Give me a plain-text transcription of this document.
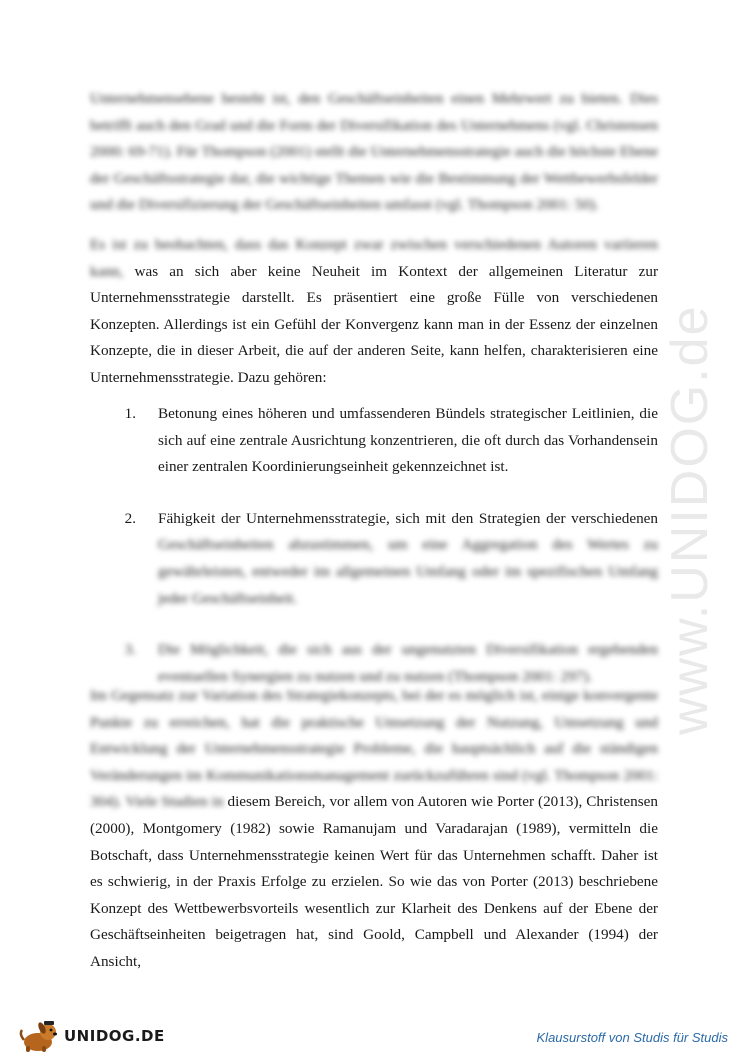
www.UNIDOG.de
Unternehmensebene besteht ist, den Geschäftseinheiten einen Mehrwert zu bieten. Dies betrifft auch den Grad und die Form der Diversifikation des Unternehmens (vgl. Christensen 2000: 69-71). Für Thompson (2001) stellt die Unternehmensstrategie auch die höchste Ebene der Geschäftsstrategie dar, die wichtige Themen wie die Bestimmung der Wettbewerbsfelder und die Diversifizierung der Geschäftseinheiten umfasst (vgl. Thompson 2001: 50).
Es ist zu beobachten, dass das Konzept zwar zwischen verschiedenen Autoren variieren kann, was an sich aber keine Neuheit im Kontext der allgemeinen Literatur zur Unternehmensstrategie darstellt. Es präsentiert eine große Fülle von verschiedenen Konzepten. Allerdings ist ein Gefühl der Konvergenz kann man in der Essenz der einzelnen Konzepte, die in dieser Arbeit, die auf der anderen Seite, kann helfen, charakterisieren eine Unternehmensstrategie. Dazu gehören:
1.	Betonung eines höheren und umfassenderen Bündels strategischer Leitlinien, die sich auf eine zentrale Ausrichtung konzentrieren, die oft durch das Vorhandensein einer zentralen Koordinierungseinheit gekennzeichnet ist.
2.	Fähigkeit der Unternehmensstrategie, sich mit den Strategien der verschiedenen Geschäftseinheiten abzustimmen, um eine Aggregation des Wertes zu gewährleisten, entweder im allgemeinen Umfang oder im spezifischen Umfang jeder Geschäftseinheit.
3.	Die Möglichkeit, die sich aus der ungenutzten Diversifikation ergebenden eventuellen Synergien zu nutzen und zu nutzen (Thompson 2001: 297).
Im Gegensatz zur Variation des Strategiekonzepts, bei der es möglich ist, einige konvergente Punkte zu erreichen, hat die praktische Umsetzung der Nutzung, Umsetzung und Entwicklung der Unternehmensstrategie Probleme, die hauptsächlich auf die ständigen Veränderungen im Kommunikationsmanagement zurückzuführen sind (vgl. Thompson 2001: 304). Viele Studien in diesem Bereich, vor allem von Autoren wie Porter (2013), Christensen (2000), Montgomery (1982) sowie Ramanujam und Varadarajan (1989), vermitteln die Botschaft, dass Unternehmensstrategie keinen Wert für das Unternehmen schafft. Daher ist es schwierig, in der Praxis Erfolge zu erzielen. So wie das von Porter (2013) beschriebene Konzept des Wettbewerbsvorteils wesentlich zur Klarheit des Denkens auf der Ebene der Geschäftseinheiten beigetragen hat, sind Goold, Campbell und Alexander (1994) der Ansicht,
UNIDOG.DE	Klausurstoff von Studis für Studis
